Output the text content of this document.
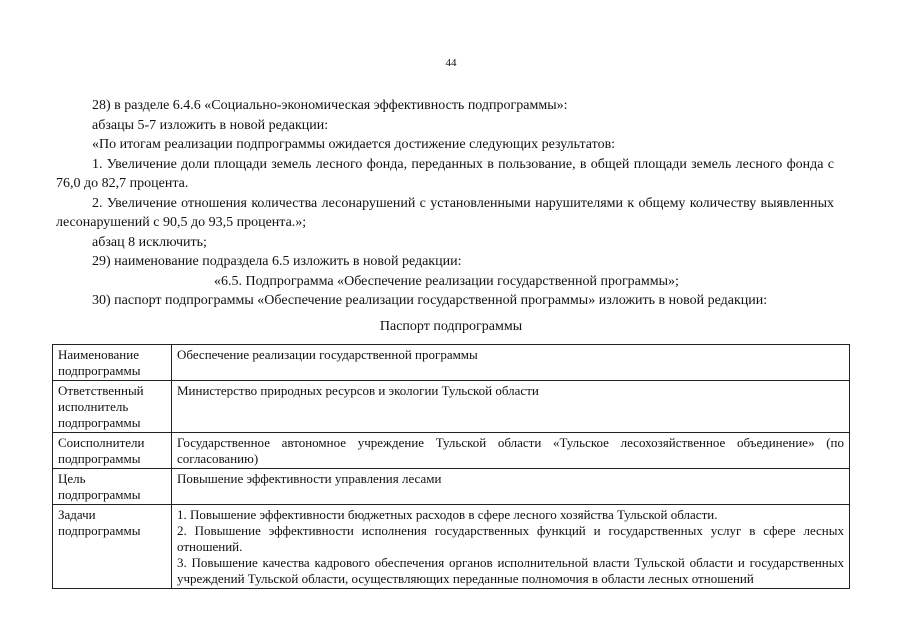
44

28) в разделе 6.4.6 «Социально-экономическая эффективность подпрограммы»:

абзацы 5-7 изложить в новой редакции:

«По итогам реализации подпрограммы ожидается достижение следующих результатов:

1. Увеличение доли площади земель лесного фонда, переданных в пользование, в общей площади земель лесного фонда с 76,0 до 82,7 процента.

2. Увеличение отношения количества лесонарушений с установленными нарушителями к общему количеству выявленных лесонарушений с 90,5 до 93,5 процента.»;

абзац 8 исключить;

29) наименование подраздела 6.5 изложить в новой редакции:

«6.5. Подпрограмма «Обеспечение реализации государственной программы»;

30) паспорт подпрограммы «Обеспечение реализации государственной программы» изложить в новой редакции:

Паспорт подпрограммы
Наименование подпрограммы	Обеспечение реализации государственной программы
Ответственный исполнитель подпрограммы	Министерство природных ресурсов и экологии Тульской области
Соисполнители подпрограммы	Государственное автономное учреждение Тульской области «Тульское лесохозяйственное объединение» (по согласованию)
Цель подпрограммы	Повышение эффективности управления лесами
Задачи подпрограммы	1. Повышение эффективности бюджетных расходов в сфере лесного хозяйства Тульской области.

2. Повышение эффективности исполнения государственных функций и государственных услуг в сфере лесных отношений.

3. Повышение качества кадрового обеспечения органов исполнительной власти Тульской области и государственных учреждений Тульской области, осуществляющих переданные полномочия в области лесных отношений
